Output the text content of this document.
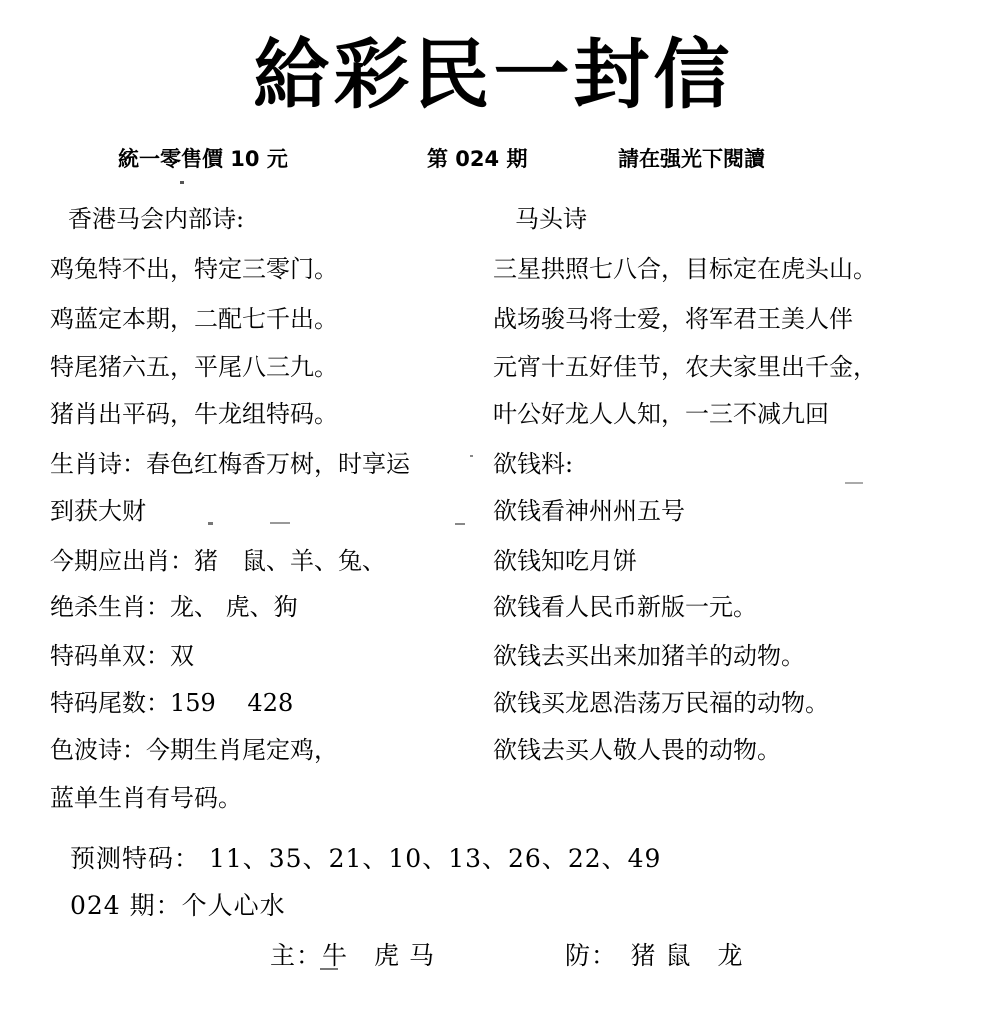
給彩民一封信
統一零售價 10 元	第 024 期	請在强光下閱讀
香港马会内部诗:
鸡兔特不出，特定三零门。
鸡蓝定本期，二配七千出。
特尾猪六五，平尾八三九。
猪肖出平码，牛龙组特码。
生肖诗：春色红梅香万树，时享运
到获大财
今期应出肖：猪　鼠、羊、兔、
绝杀生肖：龙、 虎、狗
特码单双：双
特码尾数：159　 428
色波诗：今期生肖尾定鸡，
蓝单生肖有号码。
马头诗
三星拱照七八合，目标定在虎头山。
战场骏马将士爱，将军君王美人伴
元宵十五好佳节，农夫家里出千金，
叶公好龙人人知，一三不减九回
欲钱料:
欲钱看神州州五号
欲钱知吃月饼
欲钱看人民币新版一元。
欲钱去买出来加猪羊的动物。
欲钱买龙恩浩荡万民福的动物。
欲钱去买人敬人畏的动物。
预测特码： 11、35、21、10、13、26、22、49
024 期：个人心水
主：牛　虎 马	防：　猪 鼠　龙
